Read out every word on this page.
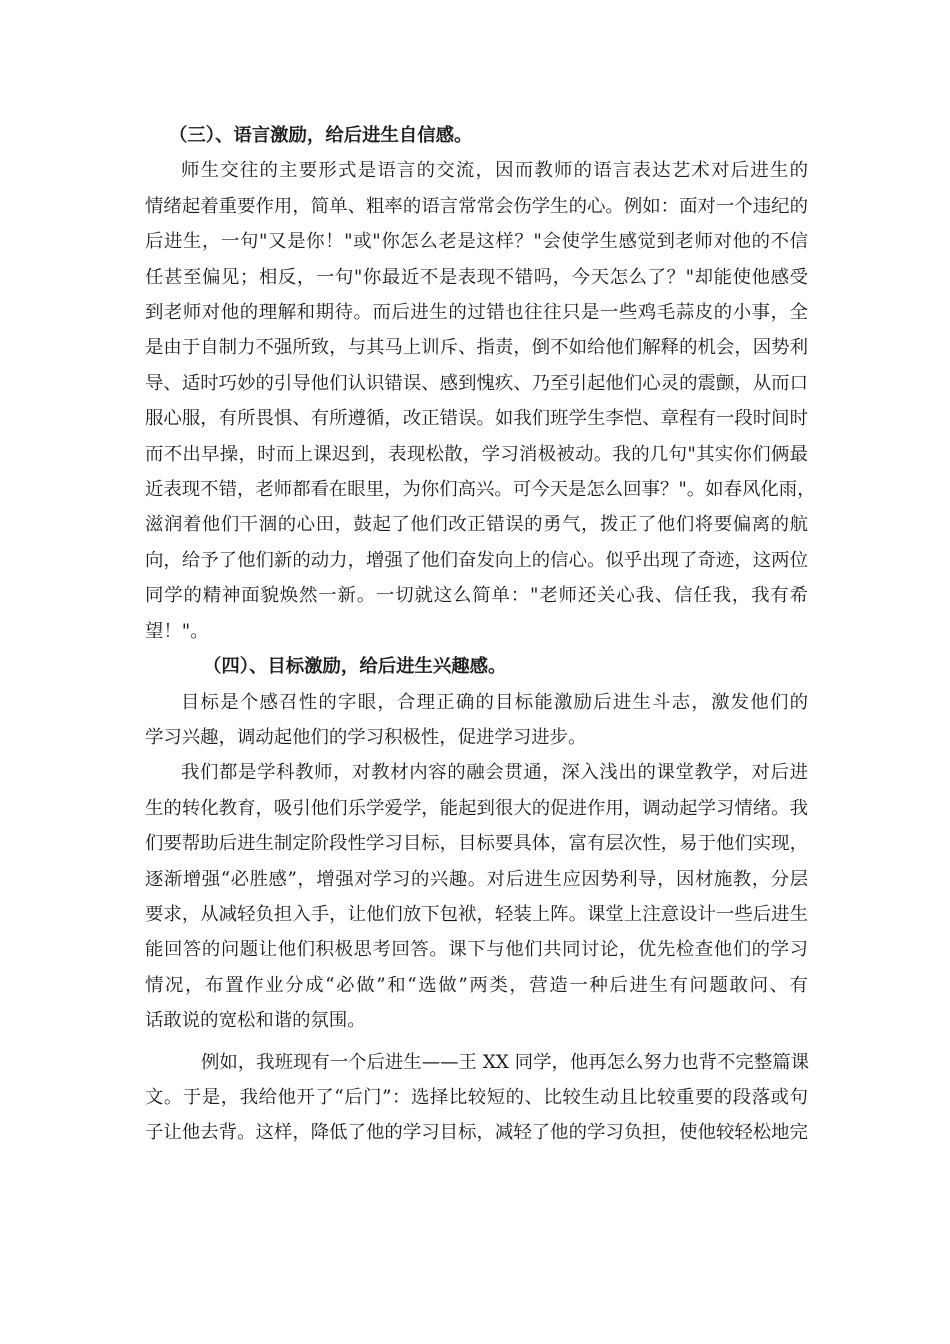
（三）、语言激励，给后进生自信感。

师生交往的主要形式是语言的交流，因而教师的语言表达艺术对后进生的
情绪起着重要作用，简单、粗率的语言常常会伤学生的心。例如：面对一个违纪的
后进生，一句"又是你！"或"你怎么老是这样？"会使学生感觉到老师对他的不信
任甚至偏见；相反，一句"你最近不是表现不错吗，今天怎么了？"却能使他感受
到老师对他的理解和期待。而后进生的过错也往往只是一些鸡毛蒜皮的小事，全
是由于自制力不强所致，与其马上训斥、指责，倒不如给他们解释的机会，因势利
导、适时巧妙的引导他们认识错误、感到愧疚、乃至引起他们心灵的震颤，从而口
服心服，有所畏惧、有所遵循，改正错误。如我们班学生李恺、章程有一段时间时
而不出早操，时而上课迟到，表现松散，学习消极被动。我的几句"其实你们俩最
近表现不错，老师都看在眼里，为你们高兴。可今天是怎么回事？"。如春风化雨，
滋润着他们干涸的心田，鼓起了他们改正错误的勇气，拨正了他们将要偏离的航
向，给予了他们新的动力，增强了他们奋发向上的信心。似乎出现了奇迹，这两位
同学的精神面貌焕然一新。一切就这么简单："老师还关心我、信任我，我有希
望！"。

（四）、目标激励，给后进生兴趣感。

目标是个感召性的字眼，合理正确的目标能激励后进生斗志，激发他们的
学习兴趣，调动起他们的学习积极性，促进学习进步。
我们都是学科教师，对教材内容的融会贯通，深入浅出的课堂教学，对后进
生的转化教育，吸引他们乐学爱学，能起到很大的促进作用，调动起学习情绪。我
们要帮助后进生制定阶段性学习目标，目标要具体，富有层次性，易于他们实现，
逐渐增强“必胜感”，增强对学习的兴趣。对后进生应因势利导，因材施教，分层
要求，从减轻负担入手，让他们放下包袱，轻装上阵。课堂上注意设计一些后进生
能回答的问题让他们积极思考回答。课下与他们共同讨论，优先检查他们的学习
情况，布置作业分成“必做”和“选做”两类，营造一种后进生有问题敢问、有
话敢说的宽松和谐的氛围。
例如，我班现有一个后进生——王 XX 同学，他再怎么努力也背不完整篇课
文。于是，我给他开了“后门”：选择比较短的、比较生动且比较重要的段落或句
子让他去背。这样，降低了他的学习目标，减轻了他的学习负担，使他较轻松地完
